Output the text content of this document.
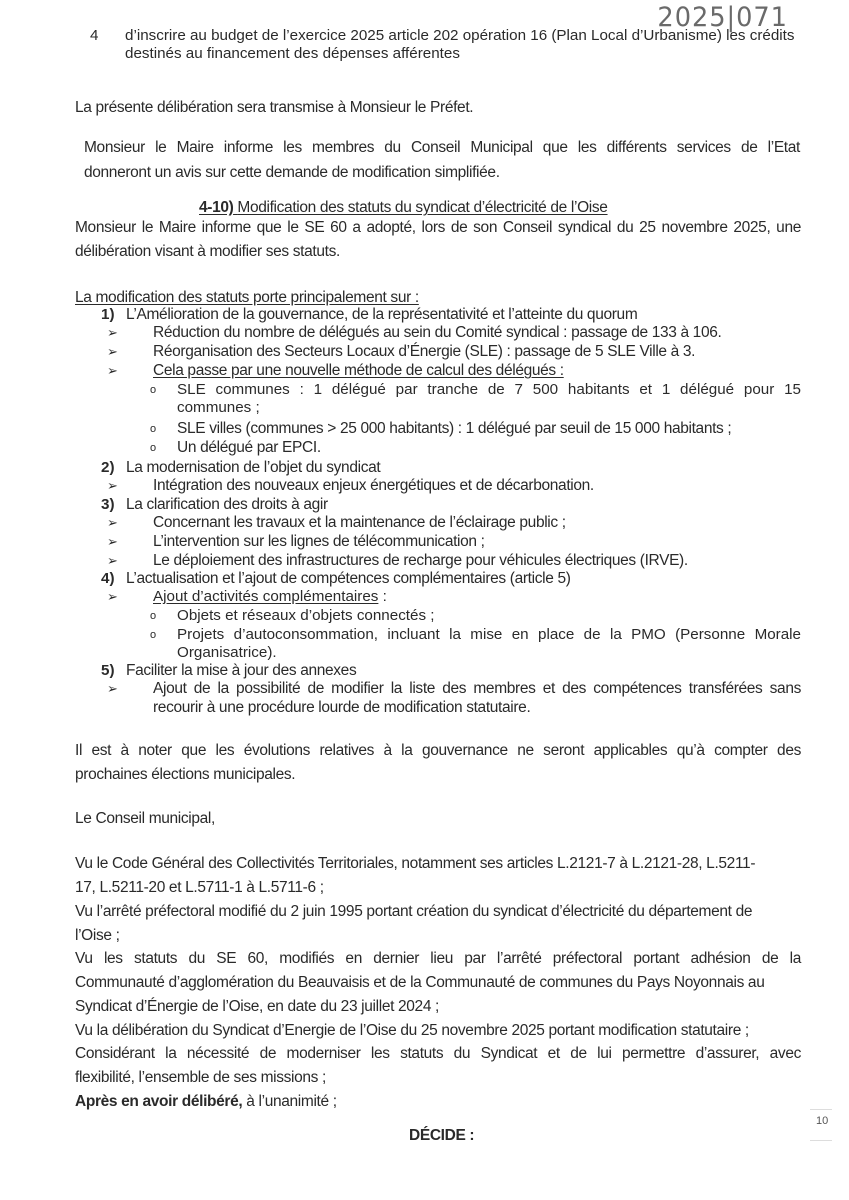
2025|071
4 d’inscrire au budget de l’exercice 2025 article 202 opération 16 (Plan Local d’Urbanisme) les crédits
destinés au financement des dépenses afférentes
La présente délibération sera transmise à Monsieur le Préfet.
Monsieur le Maire informe les membres du Conseil Municipal que les différents services de l’Etat
donneront un avis sur cette demande de modification simplifiée.
4-10) Modification des statuts du syndicat d’électricité de l’Oise
Monsieur le Maire informe que le SE 60 a adopté, lors de son Conseil syndical du 25 novembre 2025, une
délibération visant à modifier ses statuts.
La modification des statuts porte principalement sur :
1) L’Amélioration de la gouvernance, de la représentativité et l’atteinte du quorum
➢ Réduction du nombre de délégués au sein du Comité syndical : passage de 133 à 106.
➢ Réorganisation des Secteurs Locaux d’Énergie (SLE) : passage de 5 SLE Ville à 3.
➢ Cela passe par une nouvelle méthode de calcul des délégués :
o SLE communes : 1 délégué par tranche de 7 500 habitants et 1 délégué pour 15
communes ;
o SLE villes (communes > 25 000 habitants) : 1 délégué par seuil de 15 000 habitants ;
o Un délégué par EPCI.
2) La modernisation de l’objet du syndicat
➢ Intégration des nouveaux enjeux énergétiques et de décarbonation.
3) La clarification des droits à agir
➢ Concernant les travaux et la maintenance de l’éclairage public ;
➢ L’intervention sur les lignes de télécommunication ;
➢ Le déploiement des infrastructures de recharge pour véhicules électriques (IRVE).
4) L’actualisation et l’ajout de compétences complémentaires (article 5)
➢ Ajout d’activités complémentaires :
o Objets et réseaux d’objets connectés ;
o Projets d’autoconsommation, incluant la mise en place de la PMO (Personne Morale
Organisatrice).
5) Faciliter la mise à jour des annexes
➢ Ajout de la possibilité de modifier la liste des membres et des compétences transférées sans
recourir à une procédure lourde de modification statutaire.
Il est à noter que les évolutions relatives à la gouvernance ne seront applicables qu’à compter des
prochaines élections municipales.
Le Conseil municipal,
Vu le Code Général des Collectivités Territoriales, notamment ses articles L.2121-7 à L.2121-28, L.5211-
17, L.5211-20 et L.5711-1 à L.5711-6 ;
Vu l’arrêté préfectoral modifié du 2 juin 1995 portant création du syndicat d’électricité du département de
l’Oise ;
Vu les statuts du SE 60, modifiés en dernier lieu par l’arrêté préfectoral portant adhésion de la
Communauté d’agglomération du Beauvaisis et de la Communauté de communes du Pays Noyonnais au
Syndicat d’Énergie de l’Oise, en date du 23 juillet 2024 ;
Vu la délibération du Syndicat d’Energie de l’Oise du 25 novembre 2025 portant modification statutaire ;
Considérant la nécessité de moderniser les statuts du Syndicat et de lui permettre d’assurer, avec
flexibilité, l’ensemble de ses missions ;
Après en avoir délibéré, à l’unanimité ;
DÉCIDE :
10
